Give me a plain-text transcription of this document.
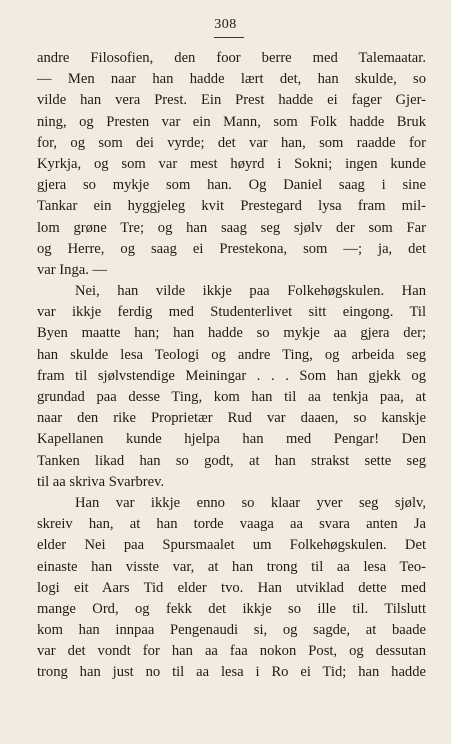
308
andre Filosofien, den foor berre med Talemaatar.
— Men naar han hadde lært det, han skulde, so
vilde han vera Prest. Ein Prest hadde ei fager Gjer-
ning, og Presten var ein Mann, som Folk hadde Bruk
for, og som dei vyrde; det var han, som raadde for
Kyrkja, og som var mest høyrd i Sokni; ingen kunde
gjera so mykje som han. Og Daniel saag i sine
Tankar ein hyggjeleg kvit Prestegard lysa fram mil-
lom grøne Tre; og han saag seg sjølv der som Far
og Herre, og saag ei Prestekona, som —; ja, det
var Inga. —
Nei, han vilde ikkje paa Folkehøgskulen. Han
var ikkje ferdig med Studenterlivet sitt eingong. Til
Byen maatte han; han hadde so mykje aa gjera der;
han skulde lesa Teologi og andre Ting, og arbeida seg
fram til sjølvstendige Meiningar . . . Som han gjekk og
grundad paa desse Ting, kom han til aa tenkja paa, at
naar den rike Proprietær Rud var daaen, so kanskje
Kapellanen kunde hjelpa han med Pengar! Den
Tanken likad han so godt, at han strakst sette seg
til aa skriva Svarbrev.
Han var ikkje enno so klaar yver seg sjølv,
skreiv han, at han torde vaaga aa svara anten Ja
elder Nei paa Spursmaalet um Folkehøgskulen. Det
einaste han visste var, at han trong til aa lesa Teo-
logi eit Aars Tid elder tvo. Han utviklad dette med
mange Ord, og fekk det ikkje so ille til. Tilslutt
kom han innpaa Pengenaudi si, og sagde, at baade
var det vondt for han aa faa nokon Post, og dessutan
trong han just no til aa lesa i Ro ei Tid; han hadde
